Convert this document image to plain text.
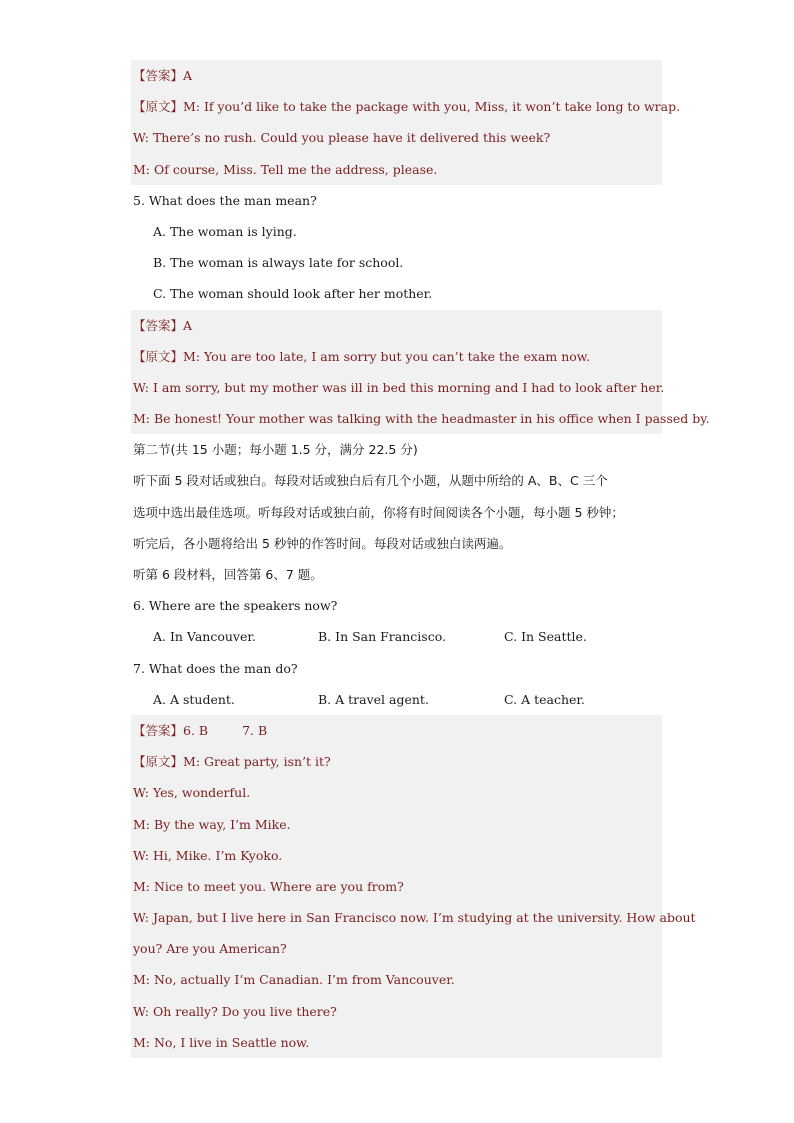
【答案】A
【原文】M: If you’d like to take the package with you, Miss, it won’t take long to wrap.
W: There’s no rush. Could you please have it delivered this week?
M: Of course, Miss. Tell me the address, please.
5. What does the man mean?
A. The woman is lying.
B. The woman is always late for school.
C. The woman should look after her mother.
【答案】A
【原文】M: You are too late, I am sorry but you can’t take the exam now.
W: I am sorry, but my mother was ill in bed this morning and I had to look after her.
M: Be honest! Your mother was talking with the headmaster in his office when I passed by.
第二节(共 15 小题；每小题 1.5 分，满分 22.5 分)
听下面 5 段对话或独白。每段对话或独白后有几个小题，从题中所给的 A、B、C 三个
选项中选出最佳选项。听每段对话或独白前，你将有时间阅读各个小题，每小题 5 秒钟；
听完后，各小题将给出 5 秒钟的作答时间。每段对话或独白读两遍。
听第 6 段材料，回答第 6、7 题。
6. Where are the speakers now?
A. In Vancouver.	B. In San Francisco.	C. In Seattle.
7. What does the man do?
A. A student.	B. A travel agent.	C. A teacher.
【答案】6. B	7. B
【原文】M: Great party, isn’t it?
W: Yes, wonderful.
M: By the way, I’m Mike.
W: Hi, Mike. I’m Kyoko.
M: Nice to meet you. Where are you from?
W: Japan, but I live here in San Francisco now. I’m studying at the university. How about
you? Are you American?
M: No, actually I’m Canadian. I’m from Vancouver.
W: Oh really? Do you live there?
M: No, I live in Seattle now.
